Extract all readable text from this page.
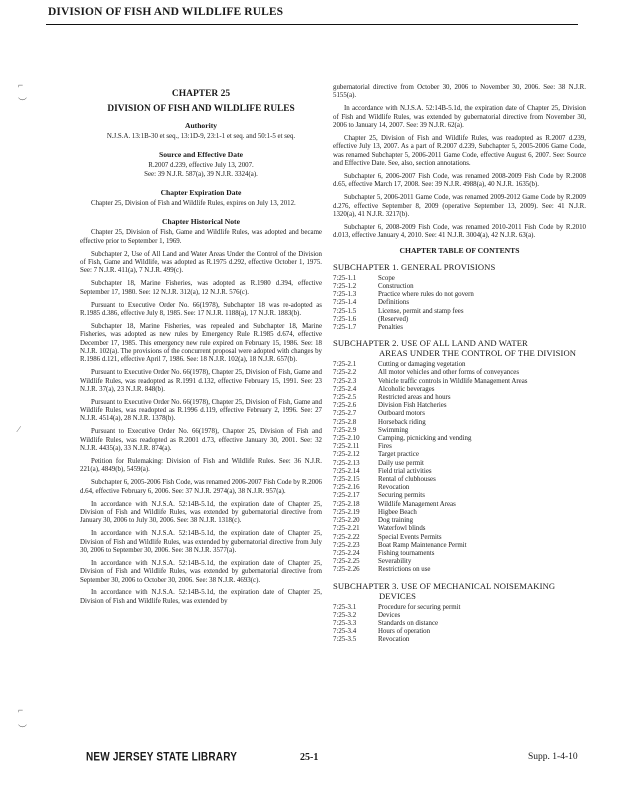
DIVISION OF FISH AND WILDLIFE RULES
⌐
︶
∕
⌐
︶
CHAPTER 25
DIVISION OF FISH AND WILDLIFE RULES
Authority
N.J.S.A. 13:1B-30 et seq., 13:1D-9, 23:1-1 et seq. and 50:1-5 et seq.
Source and Effective Date
R.2007 d.239, effective July 13, 2007.
See: 39 N.J.R. 587(a), 39 N.J.R. 3324(a).
Chapter Expiration Date

Chapter 25, Division of Fish and Wildlife Rules, expires on July 13, 2012.

Chapter Historical Note

Chapter 25, Division of Fish, Game and Wildlife Rules, was adopted and became effective prior to September 1, 1969.

Subchapter 2, Use of All Land and Water Areas Under the Control of the Division of Fish, Game and Wildlife, was adopted as R.1975 d.292, effective October 1, 1975. See: 7 N.J.R. 411(a), 7 N.J.R. 499(c).

Subchapter 18, Marine Fisheries, was adopted as R.1980 d.394, effective September 17, 1980. See: 12 N.J.R. 312(a), 12 N.J.R. 576(c).

Pursuant to Executive Order No. 66(1978), Subchapter 18 was re-adopted as R.1985 d.386, effective July 8, 1985. See: 17 N.J.R. 1188(a), 17 N.J.R. 1883(b).

Subchapter 18, Marine Fisheries, was repealed and Subchapter 18, Marine Fisheries, was adopted as new rules by Emergency Rule R.1985 d.674, effective December 17, 1985. This emergency new rule expired on February 15, 1986. See: 18 N.J.R. 102(a). The provisions of the concurrent proposal were adopted with changes by R.1986 d.121, effective April 7, 1986. See: 18 N.J.R. 102(a), 18 N.J.R. 657(b).

Pursuant to Executive Order No. 66(1978), Chapter 25, Division of Fish, Game and Wildlife Rules, was readopted as R.1991 d.132, effective February 15, 1991. See: 23 N.J.R. 37(a), 23 N.J.R. 848(b).

Pursuant to Executive Order No. 66(1978), Chapter 25, Division of Fish, Game and Wildlife Rules, was readopted as R.1996 d.119, effective February 2, 1996. See: 27 N.J.R. 4514(a), 28 N.J.R. 1378(b).

Pursuant to Executive Order No. 66(1978), Chapter 25, Division of Fish and Wildlife Rules, was readopted as R.2001 d.73, effective January 30, 2001. See: 32 N.J.R. 4435(a), 33 N.J.R. 874(a).

Petition for Rulemaking: Division of Fish and Wildlife Rules. See: 36 N.J.R. 221(a), 4849(b), 5459(a).

Subchapter 6, 2005-2006 Fish Code, was renamed 2006-2007 Fish Code by R.2006 d.64, effective February 6, 2006. See: 37 N.J.R. 2974(a), 38 N.J.R. 957(a).

In accordance with N.J.S.A. 52:14B-5.1d, the expiration date of Chapter 25, Division of Fish and Wildlife Rules, was extended by gubernatorial directive from January 30, 2006 to July 30, 2006. See: 38 N.J.R. 1318(c).

In accordance with N.J.S.A. 52:14B-5.1d, the expiration date of Chapter 25, Division of Fish and Wildlife Rules, was extended by gubernatorial directive from July 30, 2006 to September 30, 2006. See: 38 N.J.R. 3577(a).

In accordance with N.J.S.A. 52:14B-5.1d, the expiration date of Chapter 25, Division of Fish and Wildlife Rules, was extended by gubernatorial directive from September 30, 2006 to October 30, 2006. See: 38 N.J.R. 4693(c).

In accordance with N.J.S.A. 52:14B-5.1d, the expiration date of Chapter 25, Division of Fish and Wildlife Rules, was extended by

gubernatorial directive from October 30, 2006 to November 30, 2006. See: 38 N.J.R. 5155(a).

In accordance with N.J.S.A. 52:14B-5.1d, the expiration date of Chapter 25, Division of Fish and Wildlife Rules, was extended by gubernatorial directive from November 30, 2006 to January 14, 2007. See: 39 N.J.R. 62(a).

Chapter 25, Division of Fish and Wildlife Rules, was readopted as R.2007 d.239, effective July 13, 2007. As a part of R.2007 d.239, Subchapter 5, 2005-2006 Game Code, was renamed Subchapter 5, 2006-2011 Game Code, effective August 6, 2007. See: Source and Effective Date. See, also, section annotations.

Subchapter 6, 2006-2007 Fish Code, was renamed 2008-2009 Fish Code by R.2008 d.65, effective March 17, 2008. See: 39 N.J.R. 4988(a), 40 N.J.R. 1635(b).

Subchapter 5, 2006-2011 Game Code, was renamed 2009-2012 Game Code by R.2009 d.276, effective September 8, 2009 (operative September 13, 2009). See: 41 N.J.R. 1320(a), 41 N.J.R. 3217(b).

Subchapter 6, 2008-2009 Fish Code, was renamed 2010-2011 Fish Code by R.2010 d.013, effective January 4, 2010. See: 41 N.J.R. 3004(a), 42 N.J.R. 63(a).

CHAPTER TABLE OF CONTENTS
SUBCHAPTER 1. GENERAL PROVISIONS
7:25-1.1	Scope
7:25-1.2	Construction
7:25-1.3	Practice where rules do not govern
7:25-1.4	Definitions
7:25-1.5	License, permit and stamp fees
7:25-1.6	(Reserved)
7:25-1.7	Penalties
SUBCHAPTER 2. USE OF ALL LAND AND WATER
AREAS UNDER THE CONTROL OF THE DIVISION
7:25-2.1	Cutting or damaging vegetation
7:25-2.2	All motor vehicles and other forms of conveyances
7:25-2.3	Vehicle traffic controls in Wildlife Management Areas
7:25-2.4	Alcoholic beverages
7:25-2.5	Restricted areas and hours
7:25-2.6	Division Fish Hatcheries
7:25-2.7	Outboard motors
7:25-2.8	Horseback riding
7:25-2.9	Swimming
7:25-2.10	Camping, picnicking and vending
7:25-2.11	Fires
7:25-2.12	Target practice
7:25-2.13	Daily use permit
7:25-2.14	Field trial activities
7:25-2.15	Rental of clubhouses
7:25-2.16	Revocation
7:25-2.17	Securing permits
7:25-2.18	Wildlife Management Areas
7:25-2.19	Higbee Beach
7:25-2.20	Dog training
7:25-2.21	Waterfowl blinds
7:25-2.22	Special Events Permits
7:25-2.23	Boat Ramp Maintenance Permit
7:25-2.24	Fishing tournaments
7:25-2.25	Severability
7:25-2.26	Restrictions on use
SUBCHAPTER 3. USE OF MECHANICAL NOISEMAKING
DEVICES
7:25-3.1	Procedure for securing permit
7:25-3.2	Devices
7:25-3.3	Standards on distance
7:25-3.4	Hours of operation
7:25-3.5	Revocation
NEW JERSEY STATE LIBRARY	25-1	Supp. 1-4-10
